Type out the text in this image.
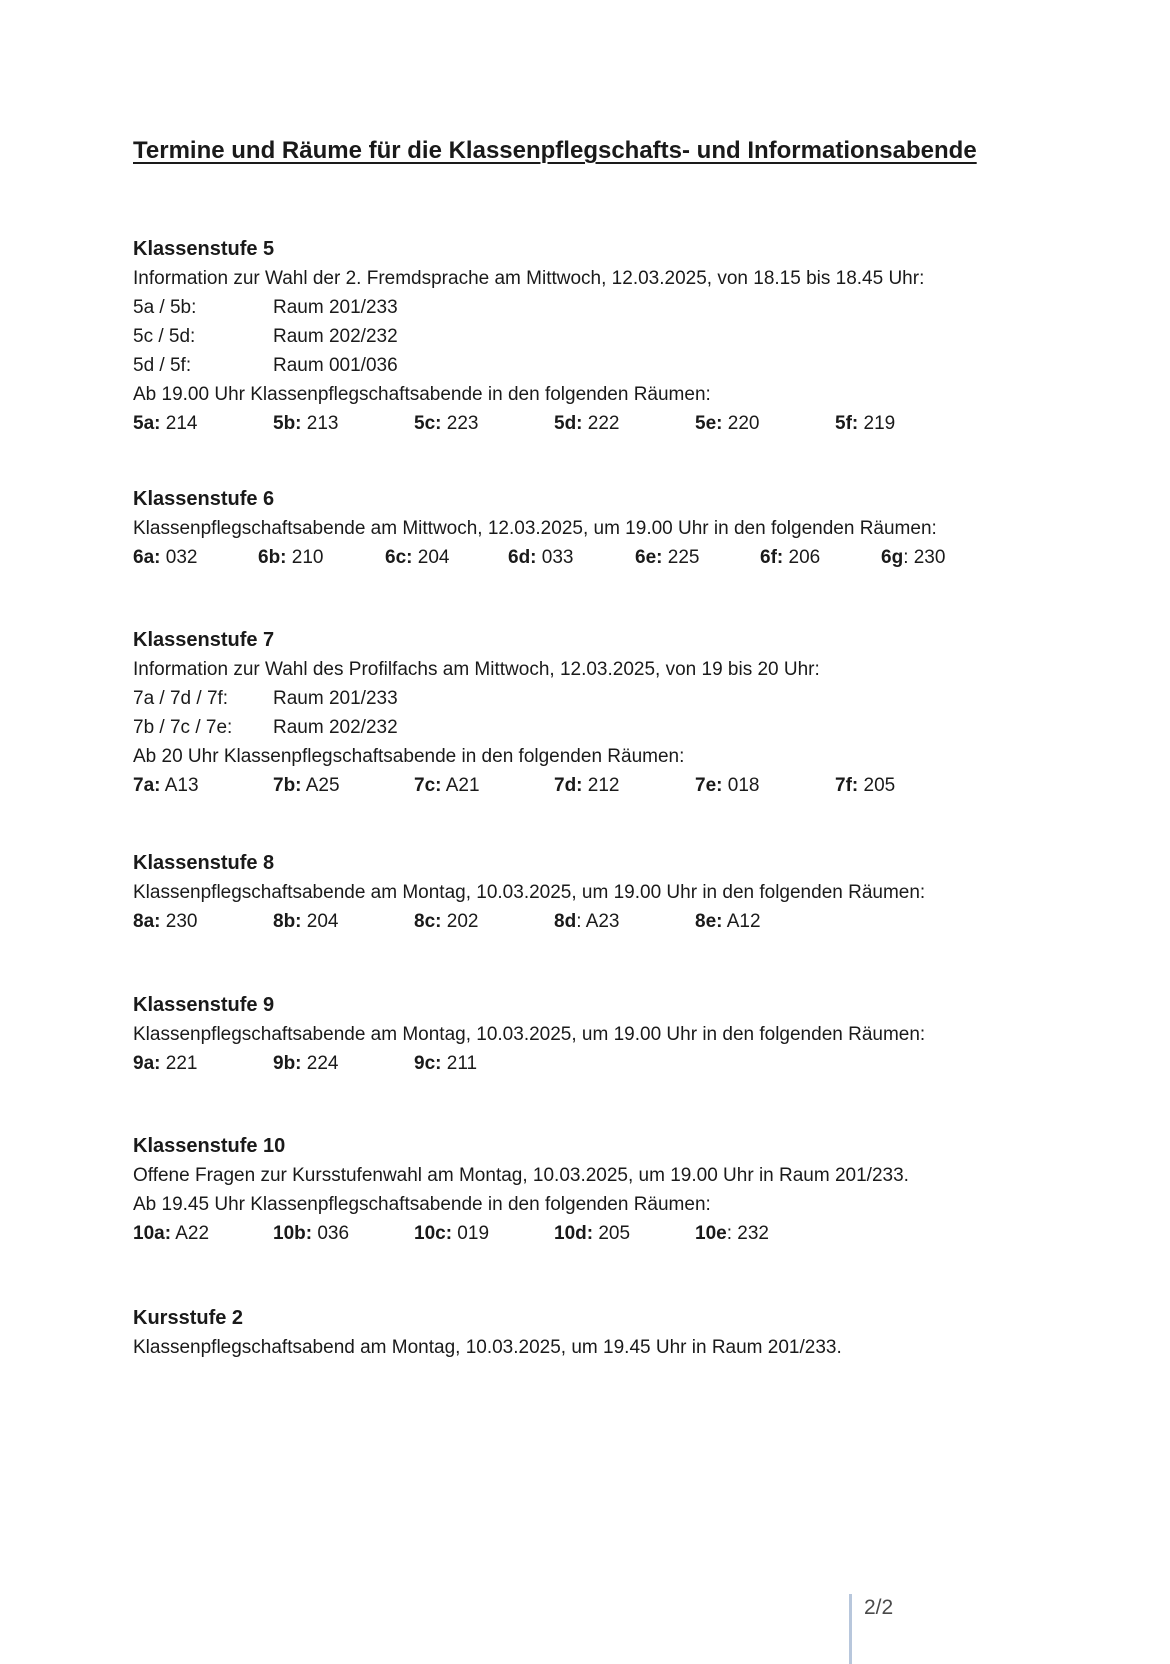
Termine und Räume für die Klassenpflegschafts- und Informationsabende
Klassenstufe 5
Information zur Wahl der 2. Fremdsprache am Mittwoch, 12.03.2025, von 18.15 bis 18.45 Uhr:
5a / 5b:	Raum 201/233
5c / 5d:	Raum 202/232
5d / 5f:	Raum 001/036
Ab 19.00 Uhr Klassenpflegschaftsabende in den folgenden Räumen:
5a: 214	5b: 213	5c: 223	5d: 222	5e: 220	5f: 219
Klassenstufe 6
Klassenpflegschaftsabende am Mittwoch, 12.03.2025, um 19.00 Uhr in den folgenden Räumen:
6a: 032	6b: 210	6c: 204	6d: 033	6e: 225	6f: 206	6g: 230
Klassenstufe 7
Information zur Wahl des Profilfachs am Mittwoch, 12.03.2025, von 19 bis 20 Uhr:
7a / 7d / 7f:	Raum 201/233
7b / 7c / 7e:	Raum 202/232
Ab 20 Uhr Klassenpflegschaftsabende in den folgenden Räumen:
7a: A13	7b: A25	7c: A21	7d: 212	7e: 018	7f: 205
Klassenstufe 8
Klassenpflegschaftsabende am Montag, 10.03.2025, um 19.00 Uhr in den folgenden Räumen:
8a: 230	8b: 204	8c: 202	8d: A23	8e: A12
Klassenstufe 9
Klassenpflegschaftsabende am Montag, 10.03.2025, um 19.00 Uhr in den folgenden Räumen:
9a: 221	9b: 224	9c: 211
Klassenstufe 10
Offene Fragen zur Kursstufenwahl am Montag, 10.03.2025, um 19.00 Uhr in Raum 201/233.
Ab 19.45 Uhr Klassenpflegschaftsabende in den folgenden Räumen:
10a: A22	10b: 036	10c: 019	10d: 205	10e: 232
Kursstufe 2
Klassenpflegschaftsabend am Montag, 10.03.2025, um 19.45 Uhr in Raum 201/233.
2/2
